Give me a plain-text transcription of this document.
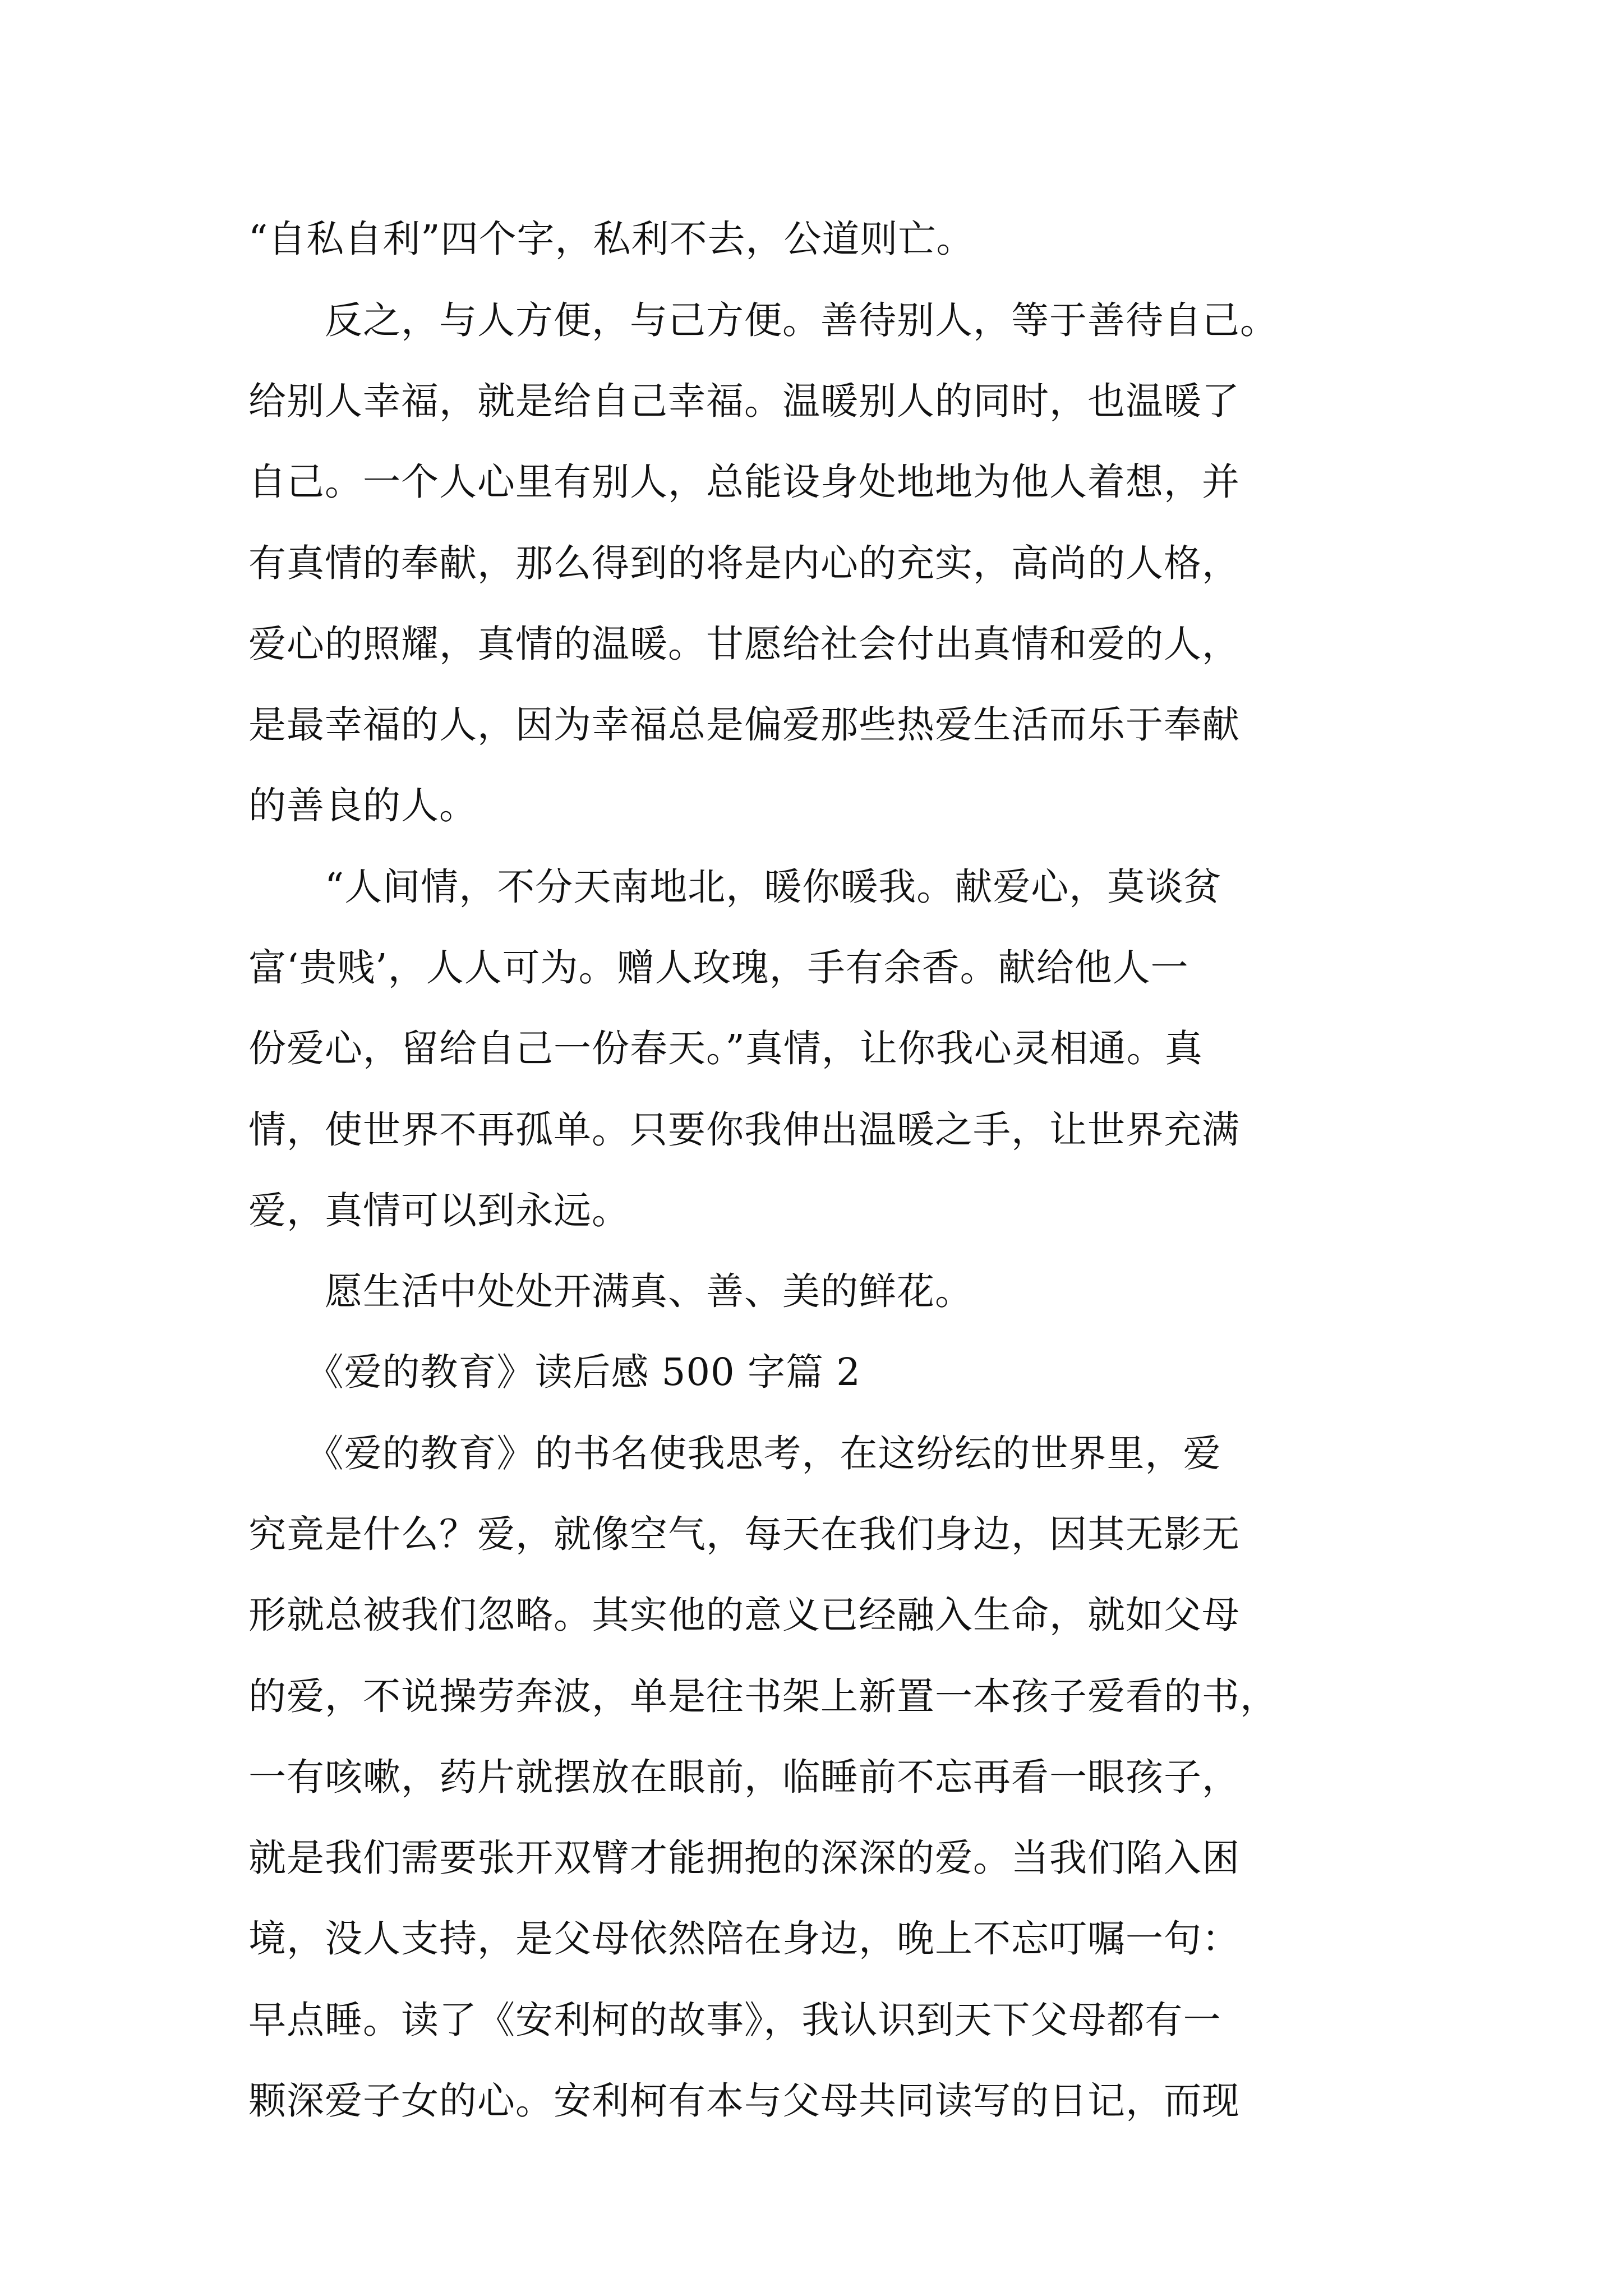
“自私自利”四个字，私利不去，公道则亡。

　　反之，与人方便，与己方便。善待别人，等于善待自己。

给别人幸福，就是给自己幸福。温暖别人的同时，也温暖了

自己。一个人心里有别人，总能设身处地地为他人着想，并

有真情的奉献，那么得到的将是内心的充实，高尚的人格，

爱心的照耀，真情的温暖。甘愿给社会付出真情和爱的人，

是最幸福的人，因为幸福总是偏爱那些热爱生活而乐于奉献

的善良的人。

　　“人间情，不分天南地北，暖你暖我。献爱心，莫谈贫

富‘贵贱’，人人可为。赠人玫瑰，手有余香。献给他人一

份爱心，留给自己一份春天。”真情，让你我心灵相通。真

情，使世界不再孤单。只要你我伸出温暖之手，让世界充满

爱，真情可以到永远。

　　愿生活中处处开满真、善、美的鲜花。

　　《爱的教育》读后感 500 字篇 2

　　《爱的教育》的书名使我思考，在这纷纭的世界里，爱

究竟是什么？爱，就像空气，每天在我们身边，因其无影无

形就总被我们忽略。其实他的意义已经融入生命，就如父母

的爱，不说操劳奔波，单是往书架上新置一本孩子爱看的书，

一有咳嗽，药片就摆放在眼前，临睡前不忘再看一眼孩子，

就是我们需要张开双臂才能拥抱的深深的爱。当我们陷入困

境，没人支持，是父母依然陪在身边，晚上不忘叮嘱一句：

早点睡。读了《安利柯的故事》，我认识到天下父母都有一

颗深爱子女的心。安利柯有本与父母共同读写的日记，而现
